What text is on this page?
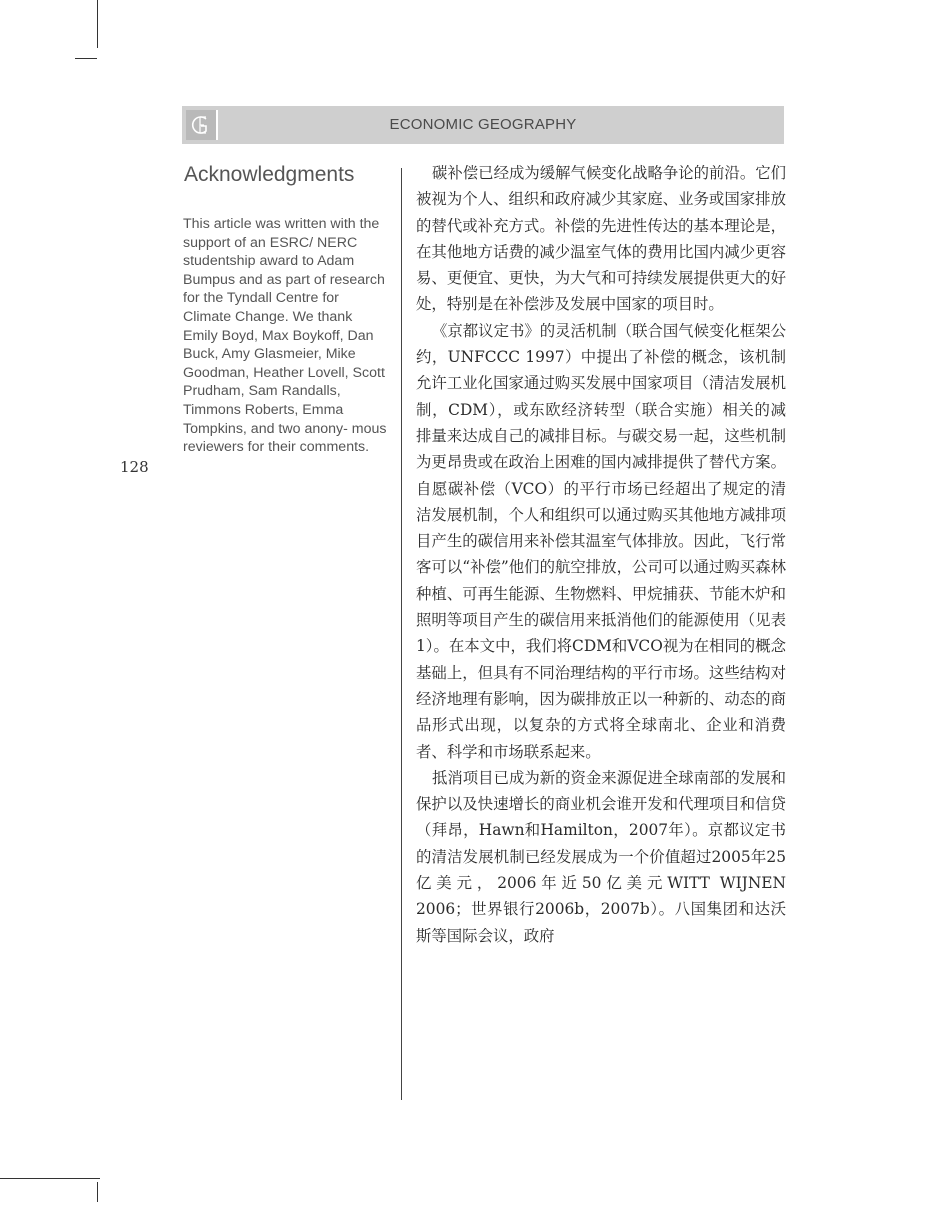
ECONOMIC GEOGRAPHY
Acknowledgments
This article was written with the support of an ESRC/ NERC studentship award to Adam Bumpus and as part of research for the Tyndall Centre for Climate Change. We thank Emily Boyd, Max Boykoff, Dan Buck, Amy Glasmeier, Mike Goodman, Heather Lovell, Scott Prudham, Sam Randalls, Timmons Roberts, Emma Tompkins, and two anony- mous reviewers for their comments.
128

碳补偿已经成为缓解气候变化战略争论的前沿。它们被视为个人、组织和政府减少其家庭、业务或国家排放的替代或补充方式。补偿的先进性传达的基本理论是，在其他地方话费的减少温室气体的费用比国内减少更容易、更便宜、更快，为大气和可持续发展提供更大的好处，特别是在补偿涉及发展中国家的项目时。

《京都议定书》的灵活机制（联合国气候变化框架公约，UNFCCC 1997）中提出了补偿的概念，该机制允许工业化国家通过购买发展中国家项目（清洁发展机制，CDM），或东欧经济转型（联合实施）相关的减排量来达成自己的减排目标。与碳交易一起，这些机制为更昂贵或在政治上困难的国内减排提供了替代方案。自愿碳补偿（VCO）的平行市场已经超出了规定的清洁发展机制，个人和组织可以通过购买其他地方减排项目产生的碳信用来补偿其温室气体排放。因此，飞行常客可以“补偿”他们的航空排放，公司可以通过购买森林种植、可再生能源、生物燃料、甲烷捕获、节能木炉和照明等项目产生的碳信用来抵消他们的能源使用（见表1）。在本文中，我们将CDM和VCO视为在相同的概念基础上，但具有不同治理结构的平行市场。这些结构对经济地理有影响，因为碳排放正以一种新的、动态的商品形式出现，以复杂的方式将全球南北、企业和消费者、科学和市场联系起来。

抵消项目已成为新的资金来源促进全球南部的发展和保护以及快速增长的商业机会谁开发和代理项目和信贷（拜昂，Hawn和Hamilton，2007年）。京都议定书的清洁发展机制已经发展成为一个价值超过2005年25亿美元，2006年近50亿美元WITT WIJNEN 2006；世界银行2006b，2007b）。八国集团和达沃斯等国际会议，政府
